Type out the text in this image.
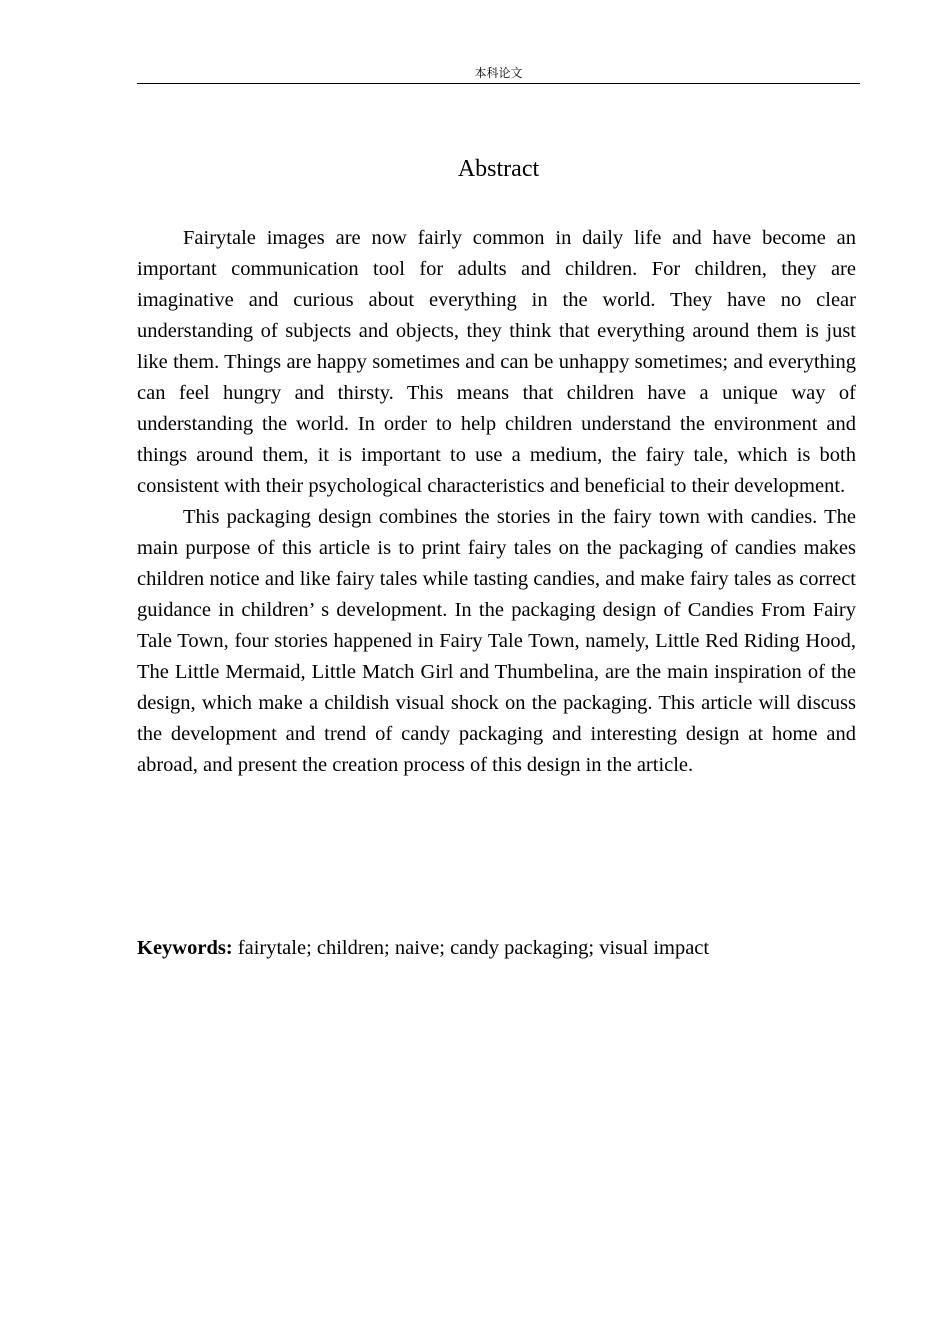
本科论文
Abstract

Fairytale images are now fairly common in daily life and have become an important communication tool for adults and children. For children, they are imaginative and curious about everything in the world. They have no clear understanding of subjects and objects, they think that everything around them is just like them. Things are happy sometimes and can be unhappy sometimes; and everything can feel hungry and thirsty. This means that children have a unique way of understanding the world. In order to help children understand the environment and things around them, it is important to use a medium, the fairy tale, which is both consistent with their psychological characteristics and beneficial to their development.

This packaging design combines the stories in the fairy town with candies. The main purpose of this article is to print fairy tales on the packaging of candies makes children notice and like fairy tales while tasting candies, and make fairy tales as correct guidance in children’ s development. In the packaging design of Candies From Fairy Tale Town, four stories happened in Fairy Tale Town, namely, Little Red Riding Hood, The Little Mermaid, Little Match Girl and Thumbelina, are the main inspiration of the design, which make a childish visual shock on the packaging. This article will discuss the development and trend of candy packaging and interesting design at home and abroad, and present the creation process of this design in the article.

Keywords: fairytale; children; naive; candy packaging; visual impact
